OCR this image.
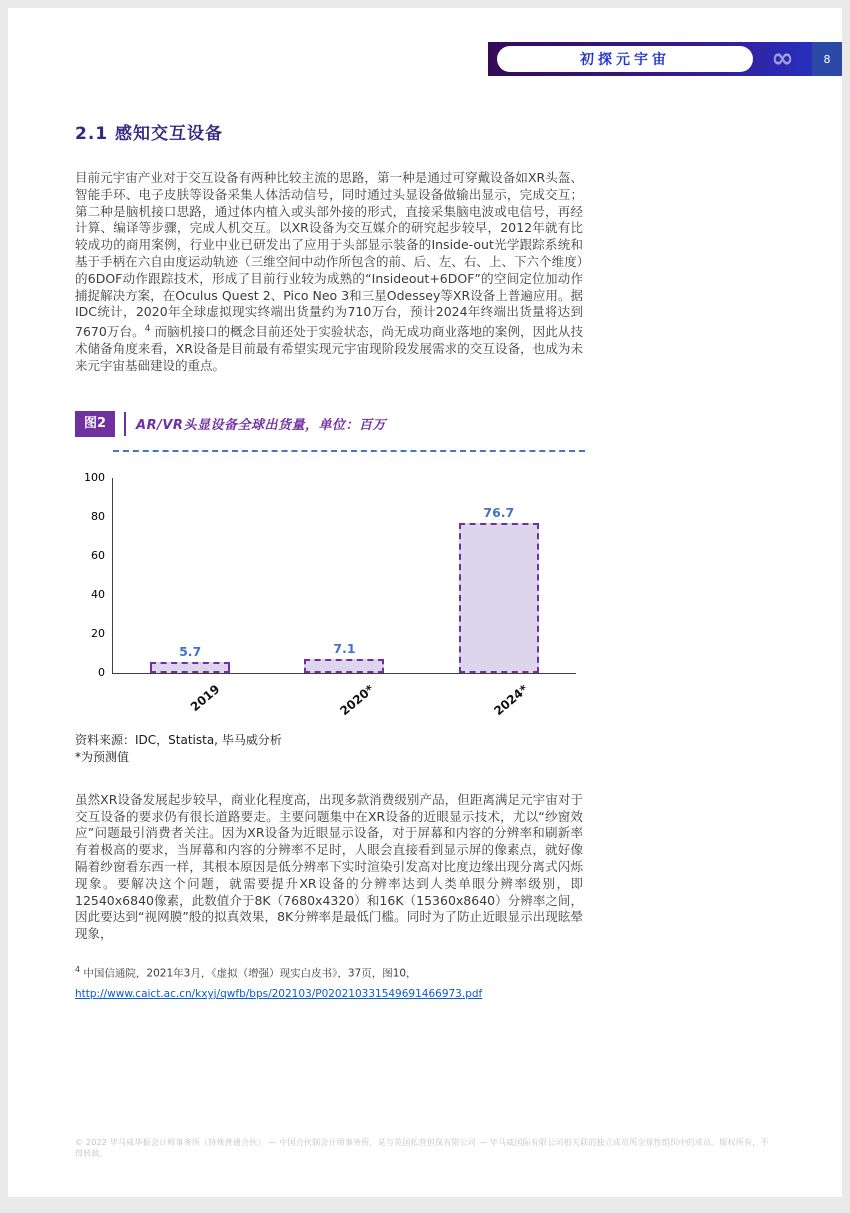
初探元宇宙	∞	8
2.1 感知交互设备

目前元宇宙产业对于交互设备有两种比较主流的思路，第一种是通过可穿戴设备如XR头盔、智能手环、电子皮肤等设备采集人体活动信号，同时通过头显设备做输出显示，完成交互；第二种是脑机接口思路，通过体内植入或头部外接的形式，直接采集脑电波或电信号，再经计算、编译等步骤，完成人机交互。以XR设备为交互媒介的研究起步较早，2012年就有比较成功的商用案例，行业中业已研发出了应用于头部显示装备的Inside-out光学跟踪系统和基于手柄在六自由度运动轨迹（三维空间中动作所包含的前、后、左、右、上、下六个维度）的6DOF动作跟踪技术，形成了目前行业较为成熟的“Insideout+6DOF”的空间定位加动作捕捉解决方案，在Oculus Quest 2、Pico Neo 3和三星Odessey等XR设备上普遍应用。据IDC统计，2020年全球虚拟现实终端出货量约为710万台，预计2024年终端出货量将达到7670万台。$^4$ 而脑机接口的概念目前还处于实验状态，尚无成功商业落地的案例，因此从技术储备角度来看，XR设备是目前最有希望实现元宇宙现阶段发展需求的交互设备，也成为未来元宇宙基础建设的重点。

图2	AR/VR头显设备全球出货量，单位：百万
0
20
40
60
80
100
5.7	7.1
76.7
2019	2020*	2024*
资料来源：IDC，Statista, 毕马威分析
*为预测值

虽然XR设备发展起步较早，商业化程度高，出现多款消费级别产品，但距离满足元宇宙对于交互设备的要求仍有很长道路要走。主要问题集中在XR设备的近眼显示技术，尤以“纱窗效应”问题最引消费者关注。因为XR设备为近眼显示设备，对于屏幕和内容的分辨率和刷新率有着极高的要求，当屏幕和内容的分辨率不足时，人眼会直接看到显示屏的像素点，就好像隔着纱窗看东西一样，其根本原因是低分辨率下实时渲染引发高对比度边缘出现分离式闪烁现象。要解决这个问题，就需要提升XR设备的分辨率达到人类单眼分辨率级别，即12540x6840像素，此数值介于8K（7680x4320）和16K（15360x8640）分辨率之间，因此要达到“视网膜”般的拟真效果，8K分辨率是最低门槛。同时为了防止近眼显示出现眩晕现象，

$^4$ 中国信通院，2021年3月，《虚拟（增强）现实白皮书》，37页，图10，
http://www.caict.ac.cn/kxyj/qwfb/bps/202103/P020210331549691466973.pdf
© 2022 毕马威华振会计师事务所（特殊普通合伙） — 中国合伙制会计师事务所，是与英国私营担保有限公司 — 毕马威国际有限公司相关联的独立成员所全球性组织中的成员。版权所有，不得转载。
